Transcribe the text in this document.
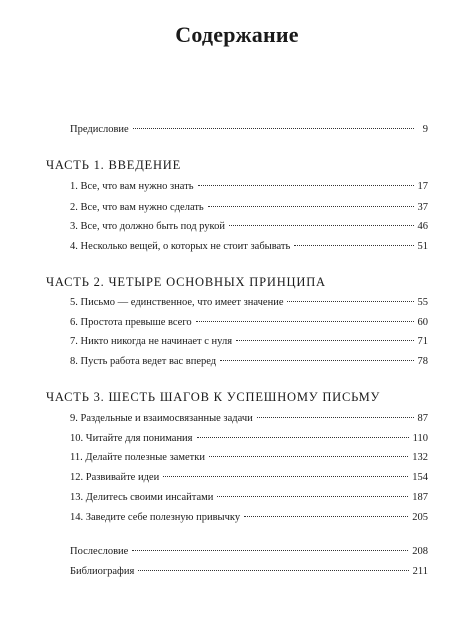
Содержание
Предисловие	9
ЧАСТЬ 1. ВВЕДЕНИЕ
1. Все, что вам нужно знать	17
2. Все, что вам нужно сделать	37
3. Все, что должно быть под рукой	46
4. Несколько вещей, о которых не стоит забывать	51
ЧАСТЬ 2. ЧЕТЫРЕ ОСНОВНЫХ ПРИНЦИПА
5. Письмо — единственное, что имеет значение	55
6. Простота превыше всего	60
7. Никто никогда не начинает с нуля	71
8. Пусть работа ведет вас вперед	78
ЧАСТЬ 3. ШЕСТЬ ШАГОВ К УСПЕШНОМУ ПИСЬМУ
9. Раздельные и взаимосвязанные задачи	87
10. Читайте для понимания	110
11. Делайте полезные заметки	132
12. Развивайте идеи	154
13. Делитесь своими инсайтами	187
14. Заведите себе полезную привычку	205
Послесловие	208
Библиография	211
